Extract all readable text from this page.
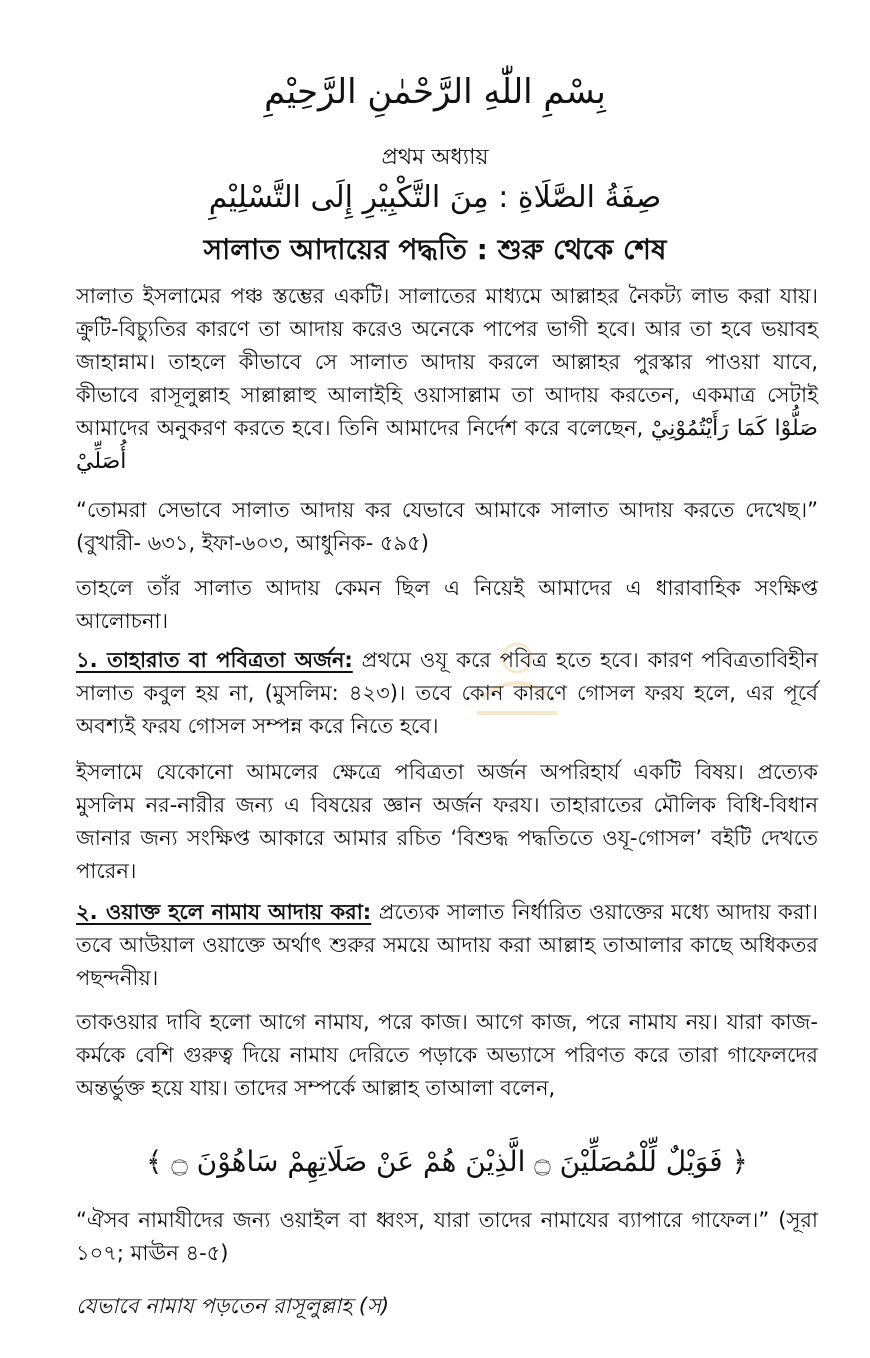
بِسْمِ اللّٰهِ الرَّحْمٰنِ الرَّحِيْمِ
প্রথম অধ্যায়
صِفَةُ الصَّلَاةِ : مِنَ التَّكْبِيْرِ إِلَى التَّسْلِيْمِ
সালাত আদায়ের পদ্ধতি : শুরু থেকে শেষ

সালাত ইসলামের পঞ্চ স্তম্ভের একটি। সালাতের মাধ্যমে আল্লাহর নৈকট্য লাভ করা যায়। ক্রুটি-বিচ্যুতির কারণে তা আদায় করেও অনেকে পাপের ভাগী হবে। আর তা হবে ভয়াবহ জাহান্নাম। তাহলে কীভাবে সে সালাত আদায় করলে আল্লাহর পুরস্কার পাওয়া যাবে, কীভাবে রাসূলুল্লাহ সাল্লাল্লাহু আলাইহি ওয়াসাল্লাম তা আদায় করতেন, একমাত্র সেটাই আমাদের অনুকরণ করতে হবে। তিনি আমাদের নির্দেশ করে বলেছেন, صَلُّوْا كَمَا رَأَيْتُمُوْنِيْ أُصَلِّيْ

“তোমরা সেভাবে সালাত আদায় কর যেভাবে আমাকে সালাত আদায় করতে দেখেছ।” (বুখারী- ৬৩১, ইফা-৬০৩, আধুনিক- ৫৯৫)

তাহলে তাঁর সালাত আদায় কেমন ছিল এ নিয়েই আমাদের এ ধারাবাহিক সংক্ষিপ্ত আলোচনা।

১. তাহারাত বা পবিত্রতা অর্জন: প্রথমে ওযূ করে পবিত্র হতে হবে। কারণ পবিত্রতাবিহীন সালাত কবুল হয় না, (মুসলিম: ৪২৩)। তবে কোন কারণে গোসল ফরয হলে, এর পূর্বে অবশ্যই ফরয গোসল সম্পন্ন করে নিতে হবে।

ইসলামে যেকোনো আমলের ক্ষেত্রে পবিত্রতা অর্জন অপরিহার্য একটি বিষয়। প্রত্যেক মুসলিম নর-নারীর জন্য এ বিষয়ের জ্ঞান অর্জন ফরয। তাহারাতের মৌলিক বিধি-বিধান জানার জন্য সংক্ষিপ্ত আকারে আমার রচিত ‘বিশুদ্ধ পদ্ধতিতে ওযূ-গোসল’ বইটি দেখতে পারেন।

২. ওয়াক্ত হলে নামায আদায় করা: প্রত্যেক সালাত নির্ধারিত ওয়াক্তের মধ্যে আদায় করা। তবে আউয়াল ওয়াক্তে অর্থাৎ শুরুর সময়ে আদায় করা আল্লাহ তাআলার কাছে অধিকতর পছন্দনীয়।

তাকওয়ার দাবি হলো আগে নামায, পরে কাজ। আগে কাজ, পরে নামায নয়। যারা কাজ-কর্মকে বেশি গুরুত্ব দিয়ে নামায দেরিতে পড়াকে অভ্যাসে পরিণত করে তারা গাফেলদের অন্তর্ভুক্ত হয়ে যায়। তাদের সম্পর্কে আল্লাহ তাআলা বলেন,

﴿ فَوَيْلٌ لِّلْمُصَلِّيْنَ ۝ الَّذِيْنَ هُمْ عَنْ صَلَاتِهِمْ سَاهُوْنَ ۝ ﴾

“ঐসব নামাযীদের জন্য ওয়াইল বা ধ্বংস, যারা তাদের নামাযের ব্যাপারে গাফেল।” (সূরা ১০৭; মাঊন ৪-৫)

যেভাবে নামায পড়তেন রাসূলুল্লাহ (স)
